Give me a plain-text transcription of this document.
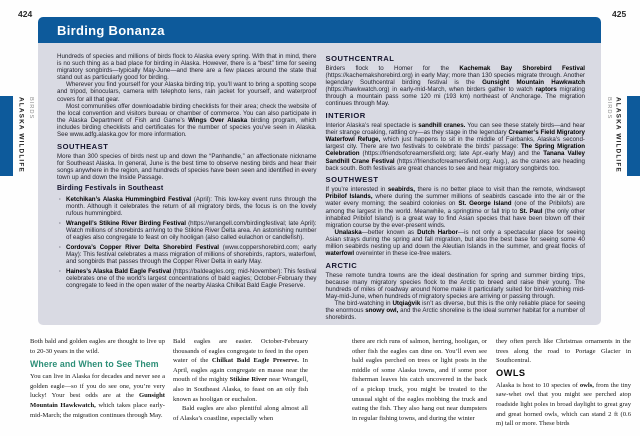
424	425
ALASKA WILDLIFE BIRDS	ALASKA WILDLIFE
BIRDS
Birding Bonanza

Hundreds of species and millions of birds flock to Alaska every spring. With that in mind, there is no such thing as a bad place for birding in Alaska. However, there is a “best” time for seeing migratory songbirds—typically May-June—and there are a few places around the state that stand out as particularly good for birding.

Wherever you find yourself for your Alaska birding trip, you’ll want to bring a spotting scope and tripod, binoculars, camera with telephoto lens, rain jacket for yourself, and waterproof covers for all that gear.

Most communities offer downloadable birding checklists for their area; check the website of the local convention and visitors bureau or chamber of commerce. You can also participate in the Alaska Department of Fish and Game’s Wings Over Alaska birding program, which includes birding checklists and certificates for the number of species you’ve seen in Alaska. See www.adfg.alaska.gov for more information.

SOUTHEAST

More than 300 species of birds nest up and down the “Panhandle,” an affectionate nickname for Southeast Alaska. In general, June is the best time to observe nesting birds and hear their songs anywhere in the region, and hundreds of species have been seen and identified in every town up and down the Inside Passage.

Birding Festivals in Southeast
· Ketchikan’s Alaska Hummingbird Festival (April): This low-key event runs through the month. Although it celebrates the return of all migratory birds, the focus is on the lovely rufous hummingbird.
· Wrangell’s Stikine River Birding Festival (https://wrangell.com/birdingfestival; late April): Watch millions of shorebirds arriving to the Stikine River Delta area. An astonishing number of eagles also congregate to feast on oily hooligan (also called eulachon or candlefish).
· Cordova’s Copper River Delta Shorebird Festival (www.coppershorebird.com; early May): This festival celebrates a mass migration of millions of shorebirds, raptors, waterfowl, and songbirds that passes through the Copper River Delta in early May.
· Haines’s Alaska Bald Eagle Festival (https://baldeagles.org; mid-November): This festival celebrates one of the world’s largest concentrations of bald eagles; October-February they congregate to feed in the open water of the nearby Alaska Chilkat Bald Eagle Preserve.
SOUTHCENTRAL

Birders flock to Homer for the Kachemak Bay Shorebird Festival (https://kachemakshorebird.org) in early May; more than 130 species migrate through. Another legendary Southcentral birding festival is the Gunsight Mountain Hawkwatch (https://hawkwatch.org) in early-mid-March, when birders gather to watch raptors migrating through a mountain pass some 120 mi (193 km) northeast of Anchorage. The migration continues through May.

INTERIOR

Interior Alaska’s real spectacle is sandhill cranes. You can see these stately birds—and hear their strange croaking, rattling cry—as they stage in the legendary Creamer’s Field Migratory Waterfowl Refuge, which just happens to sit in the middle of Fairbanks, Alaska’s second-largest city. There are two festivals to celebrate the birds’ passage: The Spring Migration Celebration (https://friendsofcreamersfield.org; late Apr.-early May) and the Tanana Valley Sandhill Crane Festival (https://friendsofcreamersfield.org; Aug.), as the cranes are heading back south. Both festivals are great chances to see and hear migratory songbirds too.

SOUTHWEST

If you’re interested in seabirds, there is no better place to visit than the remote, windswept Pribilof Islands, where during the summer millions of seabirds cascade into the air or the water every morning; the seabird colonies on St. George Island (one of the Pribilofs) are among the largest in the world. Meanwhile, a springtime or fall trip to St. Paul (the only other inhabited Pribilof Island) is a great way to find Asian species that have been blown off their migration course by the ever-present winds.

Unalaska—better known as Dutch Harbor—is not only a spectacular place for seeing Asian strays during the spring and fall migration, but also the best base for seeing some 40 million seabirds nesting up and down the Aleutian Islands in the summer, and great flocks of waterfowl overwinter in these ice-free waters.

ARCTIC

These remote tundra towns are the ideal destination for spring and summer birding trips, because many migratory species flock to the Arctic to breed and raise their young. The hundreds of miles of roadway around Nome make it particularly suited for bird-watching mid-May-mid-June, when hundreds of migratory species are arriving or passing through.

The bird-watching in Utqiaġvik isn’t as diverse, but this is the only reliable place for seeing the enormous snowy owl, and the Arctic shoreline is the ideal summer habitat for a number of shorebirds.

Both bald and golden eagles are thought to live up to 20-30 years in the wild.

Where and When to See Them

You can live in Alaska for decades and never see a golden eagle—so if you do see one, you’re very lucky! Your best odds are at the Gunsight Mountain Hawkwatch, which takes place early-mid-March; the migration continues through May.

Bald eagles are easier. October-February thousands of eagles congregate to feed in the open water of the Chilkat Bald Eagle Preserve. In April, eagles again congregate en masse near the mouth of the mighty Stikine River near Wrangell, also in Southeast Alaska, to feast on an oily fish known as hooligan or euchalon.

Bald eagles are also plentiful along almost all of Alaska’s coastline, especially when

there are rich runs of salmon, herring, hooligan, or other fish the eagles can dine on. You’ll even see bald eagles perched on trees or light posts in the middle of some Alaska towns, and if some poor fisherman leaves his catch uncovered in the back of a pickup truck, you might be treated to the unusual sight of the eagles mobbing the truck and eating the fish. They also hang out near dumpsters in regular fishing towns, and during the winter

they often perch like Christmas ornaments in the trees along the road to Portage Glacier in Southcentral.

OWLS

Alaska is host to 10 species of owls, from the tiny saw-whet owl that you might see perched atop roadside light poles in broad daylight to great gray and great horned owls, which can stand 2 ft (0.6 m) tall or more. These birds
